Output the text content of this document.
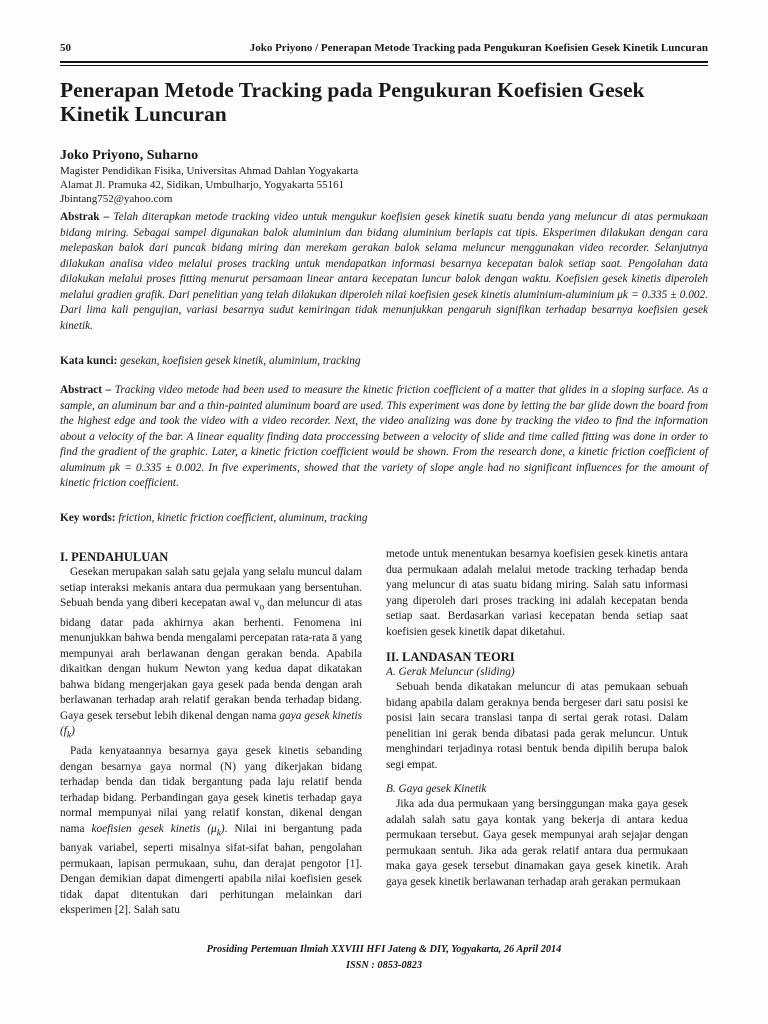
50	Joko Priyono / Penerapan Metode Tracking pada Pengukuran Koefisien Gesek Kinetik Luncuran
Penerapan Metode Tracking pada Pengukuran Koefisien Gesek Kinetik Luncuran

Joko Priyono, Suharno

Magister Pendidikan Fisika, Universitas Ahmad Dahlan Yogyakarta
Alamat Jl. Pramuka 42, Sidikan, Umbulharjo, Yogyakarta 55161
Jbintang752@yahoo.com

Abstrak – Telah diterapkan metode tracking video untuk mengukur koefisien gesek kinetik suatu benda yang meluncur di atas permukaan bidang miring. Sebagai sampel digunakan balok aluminium dan bidang aluminium berlapis cat tipis. Eksperimen dilakukan dengan cara melepaskan balok dari puncak bidang miring dan merekam gerakan balok selama meluncur menggunakan video recorder. Selanjutnya dilakukan analisa video melalui proses tracking untuk mendapatkan informasi besarnya kecepatan balok setiap saat. Pengolahan data dilakukan melalui proses fitting menurut persamaan linear antara kecepatan luncur balok dengan waktu. Koefisien gesek kinetis diperoleh melalui gradien grafik. Dari penelitian yang telah dilakukan diperoleh nilai koefisien gesek kinetis aluminium-aluminium μk = 0.335 ± 0.002. Dari lima kali pengujian, variasi besarnya sudut kemiringan tidak menunjukkan pengaruh signifikan terhadap besarnya koefisien gesek kinetik.

Kata kunci: gesekan, koefisien gesek kinetik, aluminium, tracking

Abstract – Tracking video metode had been used to measure the kinetic friction coefficient of a matter that glides in a sloping surface. As a sample, an aluminum bar and a thin-painted aluminum board are used. This experiment was done by letting the bar glide down the board from the highest edge and took the video with a video recorder. Next, the video analizing was done by tracking the video to find the information about a velocity of the bar. A linear equality finding data proccessing between a velocity of slide and time called fitting was done in order to find the gradient of the graphic. Later, a kinetic friction coefficient would be shown. From the research done, a kinetic friction coefficient of aluminum μk = 0.335 ± 0.002. In five experiments, showed that the variety of slope angle had no significant influences for the amount of kinetic friction coefficient.

Key words: friction, kinetic friction coefficient, aluminum, tracking

I. PENDAHULUAN

Gesekan merupakan salah satu gejala yang selalu muncul dalam setiap interaksi mekanis antara dua permukaan yang bersentuhan. Sebuah benda yang diberi kecepatan awal $v_o$ dan meluncur di atas bidang datar pada akhirnya akan berhenti. Fenomena ini menunjukkan bahwa benda mengalami percepatan rata-rata ā yang mempunyai arah berlawanan dengan gerakan benda. Apabila dikaitkan dengan hukum Newton yang kedua dapat dikatakan bahwa bidang mengerjakan gaya gesek pada benda dengan arah berlawanan terhadap arah relatif gerakan benda terhadap bidang. Gaya gesek tersebut lebih dikenal dengan nama gaya gesek kinetis $(f_k)$

Pada kenyataannya besarnya gaya gesek kinetis sebanding dengan besarnya gaya normal (N) yang dikerjakan bidang terhadap benda dan tidak bergantung pada laju relatif benda terhadap bidang. Perbandingan gaya gesek kinetis terhadap gaya normal mempunyai nilai yang relatif konstan, dikenal dengan nama koefisien gesek kinetis $(\mu_k)$. Nilai ini bergantung pada banyak variabel, seperti misalnya sifat-sifat bahan, pengolahan permukaan, lapisan permukaan, suhu, dan derajat pengotor [1]. Dengan demikian dapat dimengerti apabila nilai koefisien gesek tidak dapat ditentukan dari perhitungan melainkan dari eksperimen [2]. Salah satu

metode untuk menentukan besarnya koefisien gesek kinetis antara dua permukaan adalah melalui metode tracking terhadap benda yang meluncur di atas suatu bidang miring. Salah satu informasi yang diperoleh dari proses tracking ini adalah kecepatan benda setiap saat. Berdasarkan variasi kecepatan benda setiap saat koefisien gesek kinetik dapat diketahui.

II. LANDASAN TEORI
A. Gerak Meluncur (sliding)

Sebuah benda dikatakan meluncur di atas pemukaan sebuah bidang apabila dalam geraknya benda bergeser dari satu posisi ke posisi lain secara translasi tanpa di sertai gerak rotasi. Dalam penelitian ini gerak benda dibatasi pada gerak meluncur. Untuk menghindari terjadinya rotasi bentuk benda dipilih berupa balok segi empat.

B. Gaya gesek Kinetik

Jika ada dua permukaan yang bersinggungan maka gaya gesek adalah salah satu gaya kontak yang bekerja di antara kedua permukaan tersebut. Gaya gesek mempunyai arah sejajar dengan permukaan sentuh. Jika ada gerak relatif antara dua permukaan maka gaya gesek tersebut dinamakan gaya gesek kinetik. Arah gaya gesek kinetik berlawanan terhadap arah gerakan permukaan

Prosiding Pertemuan Ilmiah XXVIII HFI Jateng & DIY, Yogyakarta, 26 April 2014
ISSN : 0853-0823
